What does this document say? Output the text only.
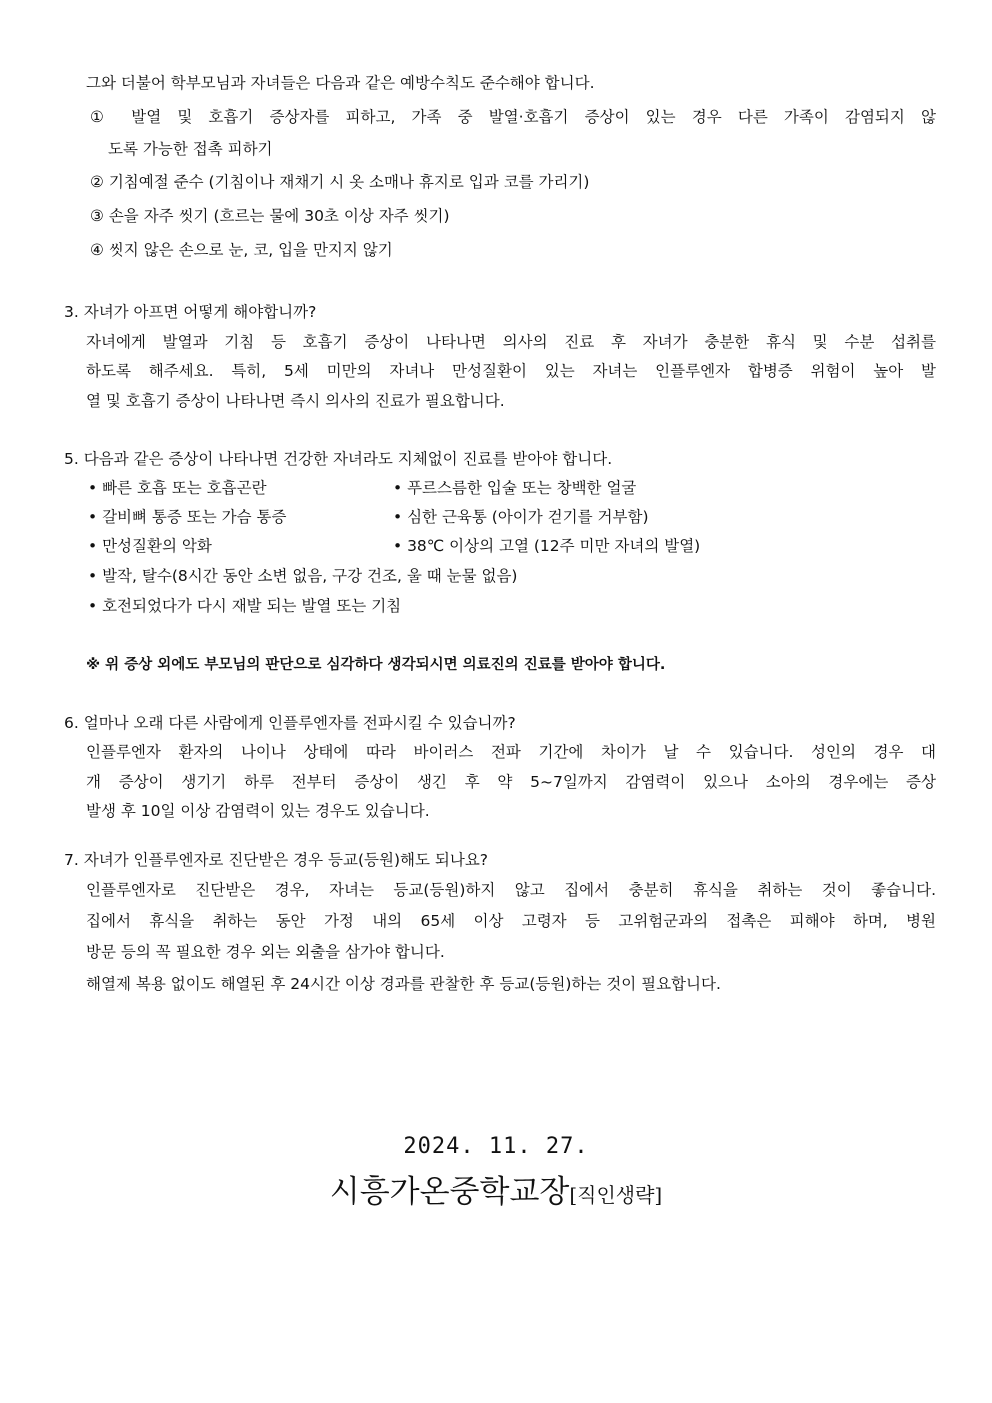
그와 더불어 학부모님과 자녀들은 다음과 같은 예방수칙도 준수해야 합니다.
① 발열 및 호흡기 증상자를 피하고, 가족 중 발열·호흡기 증상이 있는 경우 다른 가족이 감염되지 않
도록 가능한 접촉 피하기
② 기침예절 준수 (기침이나 재채기 시 옷 소매나 휴지로 입과 코를 가리기)
③ 손을 자주 씻기 (흐르는 물에 30초 이상 자주 씻기)
④ 씻지 않은 손으로 눈, 코, 입을 만지지 않기
3. 자녀가 아프면 어떻게 해야합니까?
자녀에게 발열과 기침 등 호흡기 증상이 나타나면 의사의 진료 후 자녀가 충분한 휴식 및 수분 섭취를
하도록 해주세요. 특히, 5세 미만의 자녀나 만성질환이 있는 자녀는 인플루엔자 합병증 위험이 높아 발
열 및 호흡기 증상이 나타나면 즉시 의사의 진료가 필요합니다.
5. 다음과 같은 증상이 나타나면 건강한 자녀라도 지체없이 진료를 받아야 합니다.
• 빠른 호흡 또는 호흡곤란	• 푸르스름한 입술 또는 창백한 얼굴
• 갈비뼈 통증 또는 가슴 통증	• 심한 근육통 (아이가 걷기를 거부함)
• 만성질환의 악화	• 38℃ 이상의 고열 (12주 미만 자녀의 발열)
• 발작, 탈수(8시간 동안 소변 없음, 구강 건조, 울 때 눈물 없음)
• 호전되었다가 다시 재발 되는 발열 또는 기침
※ 위 증상 외에도 부모님의 판단으로 심각하다 생각되시면 의료진의 진료를 받아야 합니다.
6. 얼마나 오래 다른 사람에게 인플루엔자를 전파시킬 수 있습니까?
인플루엔자 환자의 나이나 상태에 따라 바이러스 전파 기간에 차이가 날 수 있습니다. 성인의 경우 대
개 증상이 생기기 하루 전부터 증상이 생긴 후 약 5~7일까지 감염력이 있으나 소아의 경우에는 증상
발생 후 10일 이상 감염력이 있는 경우도 있습니다.
7. 자녀가 인플루엔자로 진단받은 경우 등교(등원)해도 되나요?
인플루엔자로 진단받은 경우, 자녀는 등교(등원)하지 않고 집에서 충분히 휴식을 취하는 것이 좋습니다.
집에서 휴식을 취하는 동안 가정 내의 65세 이상 고령자 등 고위험군과의 접촉은 피해야 하며, 병원
방문 등의 꼭 필요한 경우 외는 외출을 삼가야 합니다.
해열제 복용 없이도 해열된 후 24시간 이상 경과를 관찰한 후 등교(등원)하는 것이 필요합니다.
2024. 11. 27.
시흥가온중학교장[직인생략]
